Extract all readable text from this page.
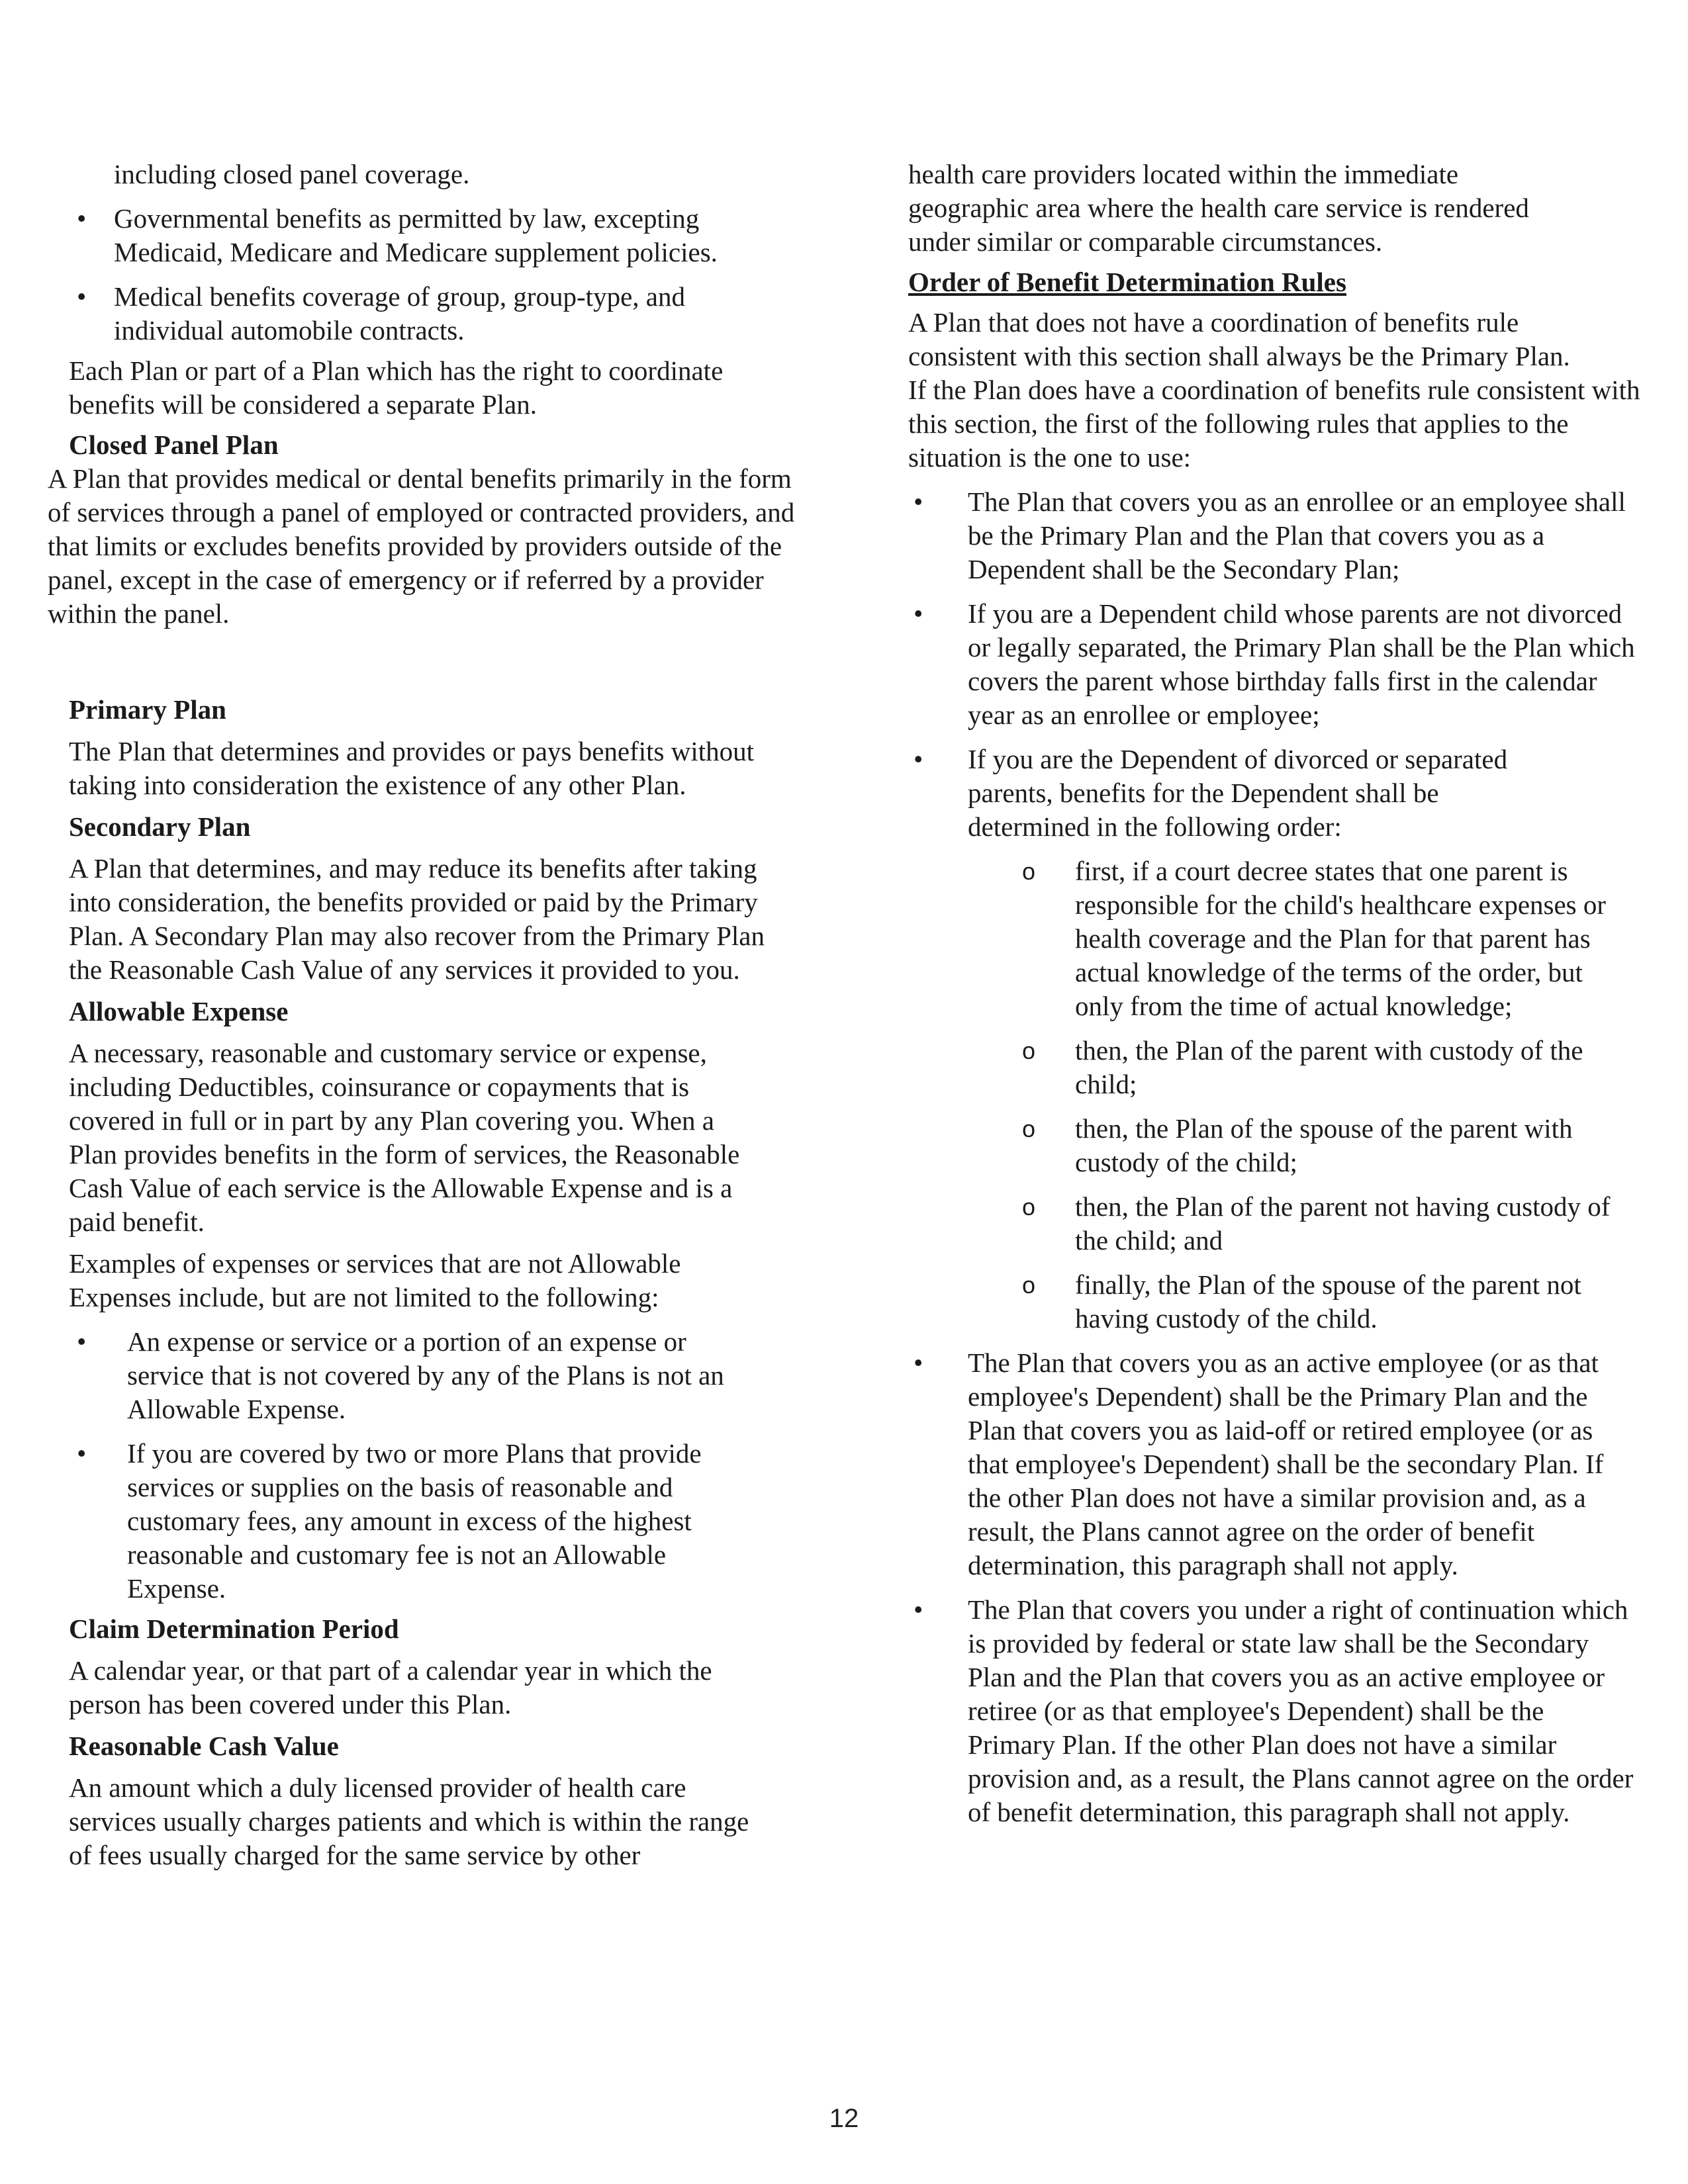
including closed panel coverage.

• Governmental benefits as permitted by law, excepting Medicaid, Medicare and Medicare supplement policies.

• Medical benefits coverage of group, group-type, and individual automobile contracts.

Each Plan or part of a Plan which has the right to coordinate benefits will be considered a separate Plan.

Closed Panel Plan

A Plan that provides medical or dental benefits primarily in the form of services through a panel of employed or contracted providers, and that limits or excludes benefits provided by providers outside of the panel, except in the case of emergency or if referred by a provider within the panel.

Primary Plan

The Plan that determines and provides or pays benefits without taking into consideration the existence of any other Plan.

Secondary Plan

A Plan that determines, and may reduce its benefits after taking into consideration, the benefits provided or paid by the Primary Plan. A Secondary Plan may also recover from the Primary Plan the Reasonable Cash Value of any services it provided to you.

Allowable Expense

A necessary, reasonable and customary service or expense, including Deductibles, coinsurance or copayments that is covered in full or in part by any Plan covering you. When a Plan provides benefits in the form of services, the Reasonable Cash Value of each service is the Allowable Expense and is a paid benefit.

Examples of expenses or services that are not Allowable Expenses include, but are not limited to the following:

• An expense or service or a portion of an expense or service that is not covered by any of the Plans is not an Allowable Expense.

• If you are covered by two or more Plans that provide services or supplies on the basis of reasonable and customary fees, any amount in excess of the highest reasonable and customary fee is not an Allowable Expense.

Claim Determination Period

A calendar year, or that part of a calendar year in which the person has been covered under this Plan.

Reasonable Cash Value

An amount which a duly licensed provider of health care services usually charges patients and which is within the range of fees usually charged for the same service by other

health care providers located within the immediate geographic area where the health care service is rendered under similar or comparable circumstances.

Order of Benefit Determination Rules

A Plan that does not have a coordination of benefits rule consistent with this section shall always be the Primary Plan.

If the Plan does have a coordination of benefits rule consistent with this section, the first of the following rules that applies to the situation is the one to use:

• The Plan that covers you as an enrollee or an employee shall be the Primary Plan and the Plan that covers you as a Dependent shall be the Secondary Plan;

• If you are a Dependent child whose parents are not divorced or legally separated, the Primary Plan shall be the Plan which covers the parent whose birthday falls first in the calendar year as an enrollee or employee;

• If you are the Dependent of divorced or separated parents, benefits for the Dependent shall be determined in the following order:

o first, if a court decree states that one parent is responsible for the child's healthcare expenses or health coverage and the Plan for that parent has actual knowledge of the terms of the order, but only from the time of actual knowledge;

o then, the Plan of the parent with custody of the child;

o then, the Plan of the spouse of the parent with custody of the child;

o then, the Plan of the parent not having custody of the child; and

o finally, the Plan of the spouse of the parent not having custody of the child.

• The Plan that covers you as an active employee (or as that employee's Dependent) shall be the Primary Plan and the Plan that covers you as laid-off or retired employee (or as that employee's Dependent) shall be the secondary Plan. If the other Plan does not have a similar provision and, as a result, the Plans cannot agree on the order of benefit determination, this paragraph shall not apply.

• The Plan that covers you under a right of continuation which is provided by federal or state law shall be the Secondary Plan and the Plan that covers you as an active employee or retiree (or as that employee's Dependent) shall be the Primary Plan. If the other Plan does not have a similar provision and, as a result, the Plans cannot agree on the order of benefit determination, this paragraph shall not apply.

12
